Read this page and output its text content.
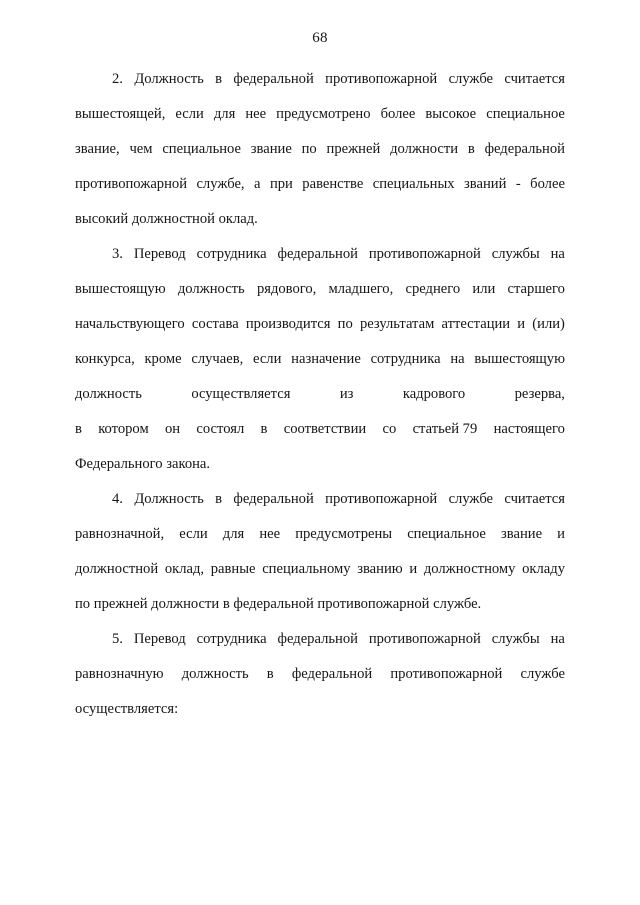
68
2. Должность в федеральной противопожарной службе считается
вышестоящей, если для нее предусмотрено более высокое специальное
звание, чем специальное звание по прежней должности в федеральной
противопожарной службе, а при равенстве специальных званий - более
высокий должностной оклад.
3. Перевод сотрудника федеральной противопожарной службы на
вышестоящую должность рядового, младшего, среднего или старшего
начальствующего состава производится по результатам аттестации и (или)
конкурса, кроме случаев, если назначение сотрудника на вышестоящую
должность	осуществляется	из	кадрового	резерва,
в котором он состоял в соответствии со статьей 79 настоящего
Федерального закона.
4. Должность в федеральной противопожарной службе считается
равнозначной, если для нее предусмотрены специальное звание и
должностной оклад, равные специальному званию и должностному окладу
по прежней должности в федеральной противопожарной службе.
5. Перевод сотрудника федеральной противопожарной службы на
равнозначную должность в федеральной противопожарной службе
осуществляется:
